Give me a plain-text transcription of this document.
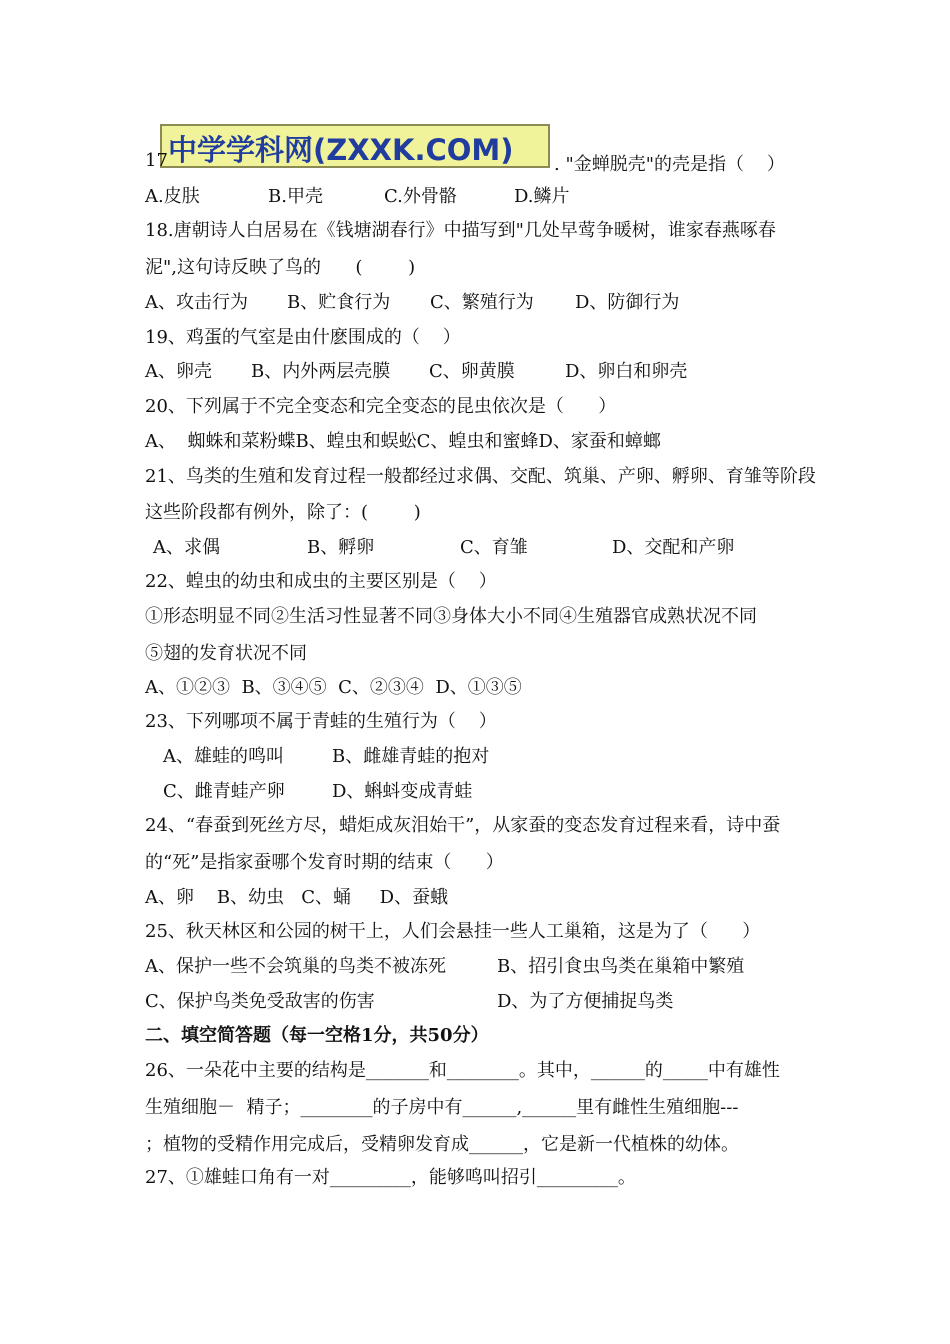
中学学科网(ZXXK.COM)
17	. "金蝉脱壳"的壳是指（    ）
A.皮肤	B.甲壳	C.外骨骼	D.鳞片
18.唐朝诗人白居易在《钱塘湖春行》中描写到"几处早莺争暖树，谁家春燕啄春
泥",这句诗反映了鸟的      (        )
A、攻击行为 B、贮食行为 C、繁殖行为 D、防御行为
19、鸡蛋的气室是由什麽围成的（    ）
A、卵壳 B、内外两层壳膜 C、卵黄膜	D、卵白和卵壳
20、下列属于不完全变态和完全变态的昆虫依次是（      ）
A、  蜘蛛和菜粉蝶B、蝗虫和蜈蚣C、蝗虫和蜜蜂D、家蚕和蟑螂
21、鸟类的生殖和发育过程一般都经过求偶、交配、筑巢、产卵、孵卵、育雏等阶段
这些阶段都有例外，除了：(        )
A、求偶	B、孵卵	C、育雏	D、交配和产卵
22、蝗虫的幼虫和成虫的主要区别是（    ）
①形态明显不同②生活习性显著不同③身体大小不同④生殖器官成熟状况不同
⑤翅的发育状况不同
A、①②③  B、③④⑤  C、②③④  D、①③⑤
23、下列哪项不属于青蛙的生殖行为（    ）
A、雄蛙的鸣叫	B、雌雄青蛙的抱对
C、雌青蛙产卵	D、蝌蚪变成青蛙
24、“春蚕到死丝方尽，蜡炬成灰泪始干”，从家蚕的变态发育过程来看，诗中蚕
的“死”是指家蚕哪个发育时期的结束（      ）
A、卵    B、幼虫   C、蛹     D、蚕蛾
25、秋天林区和公园的树干上，人们会悬挂一些人工巢箱，这是为了（      ）
A、保护一些不会筑巢的鸟类不被冻死	B、招引食虫鸟类在巢箱中繁殖
C、保护鸟类免受敌害的伤害	D、为了方便捕捉鸟类
二、填空简答题（每一空格1分，共50分）
26、一朵花中主要的结构是_______和________。其中，______的_____中有雄性
生殖细胞－  精子；________的子房中有______,______里有雌性生殖细胞---
；植物的受精作用完成后，受精卵发育成______，它是新一代植株的幼体。
27、①雄蛙口角有一对_________，能够鸣叫招引_________。
